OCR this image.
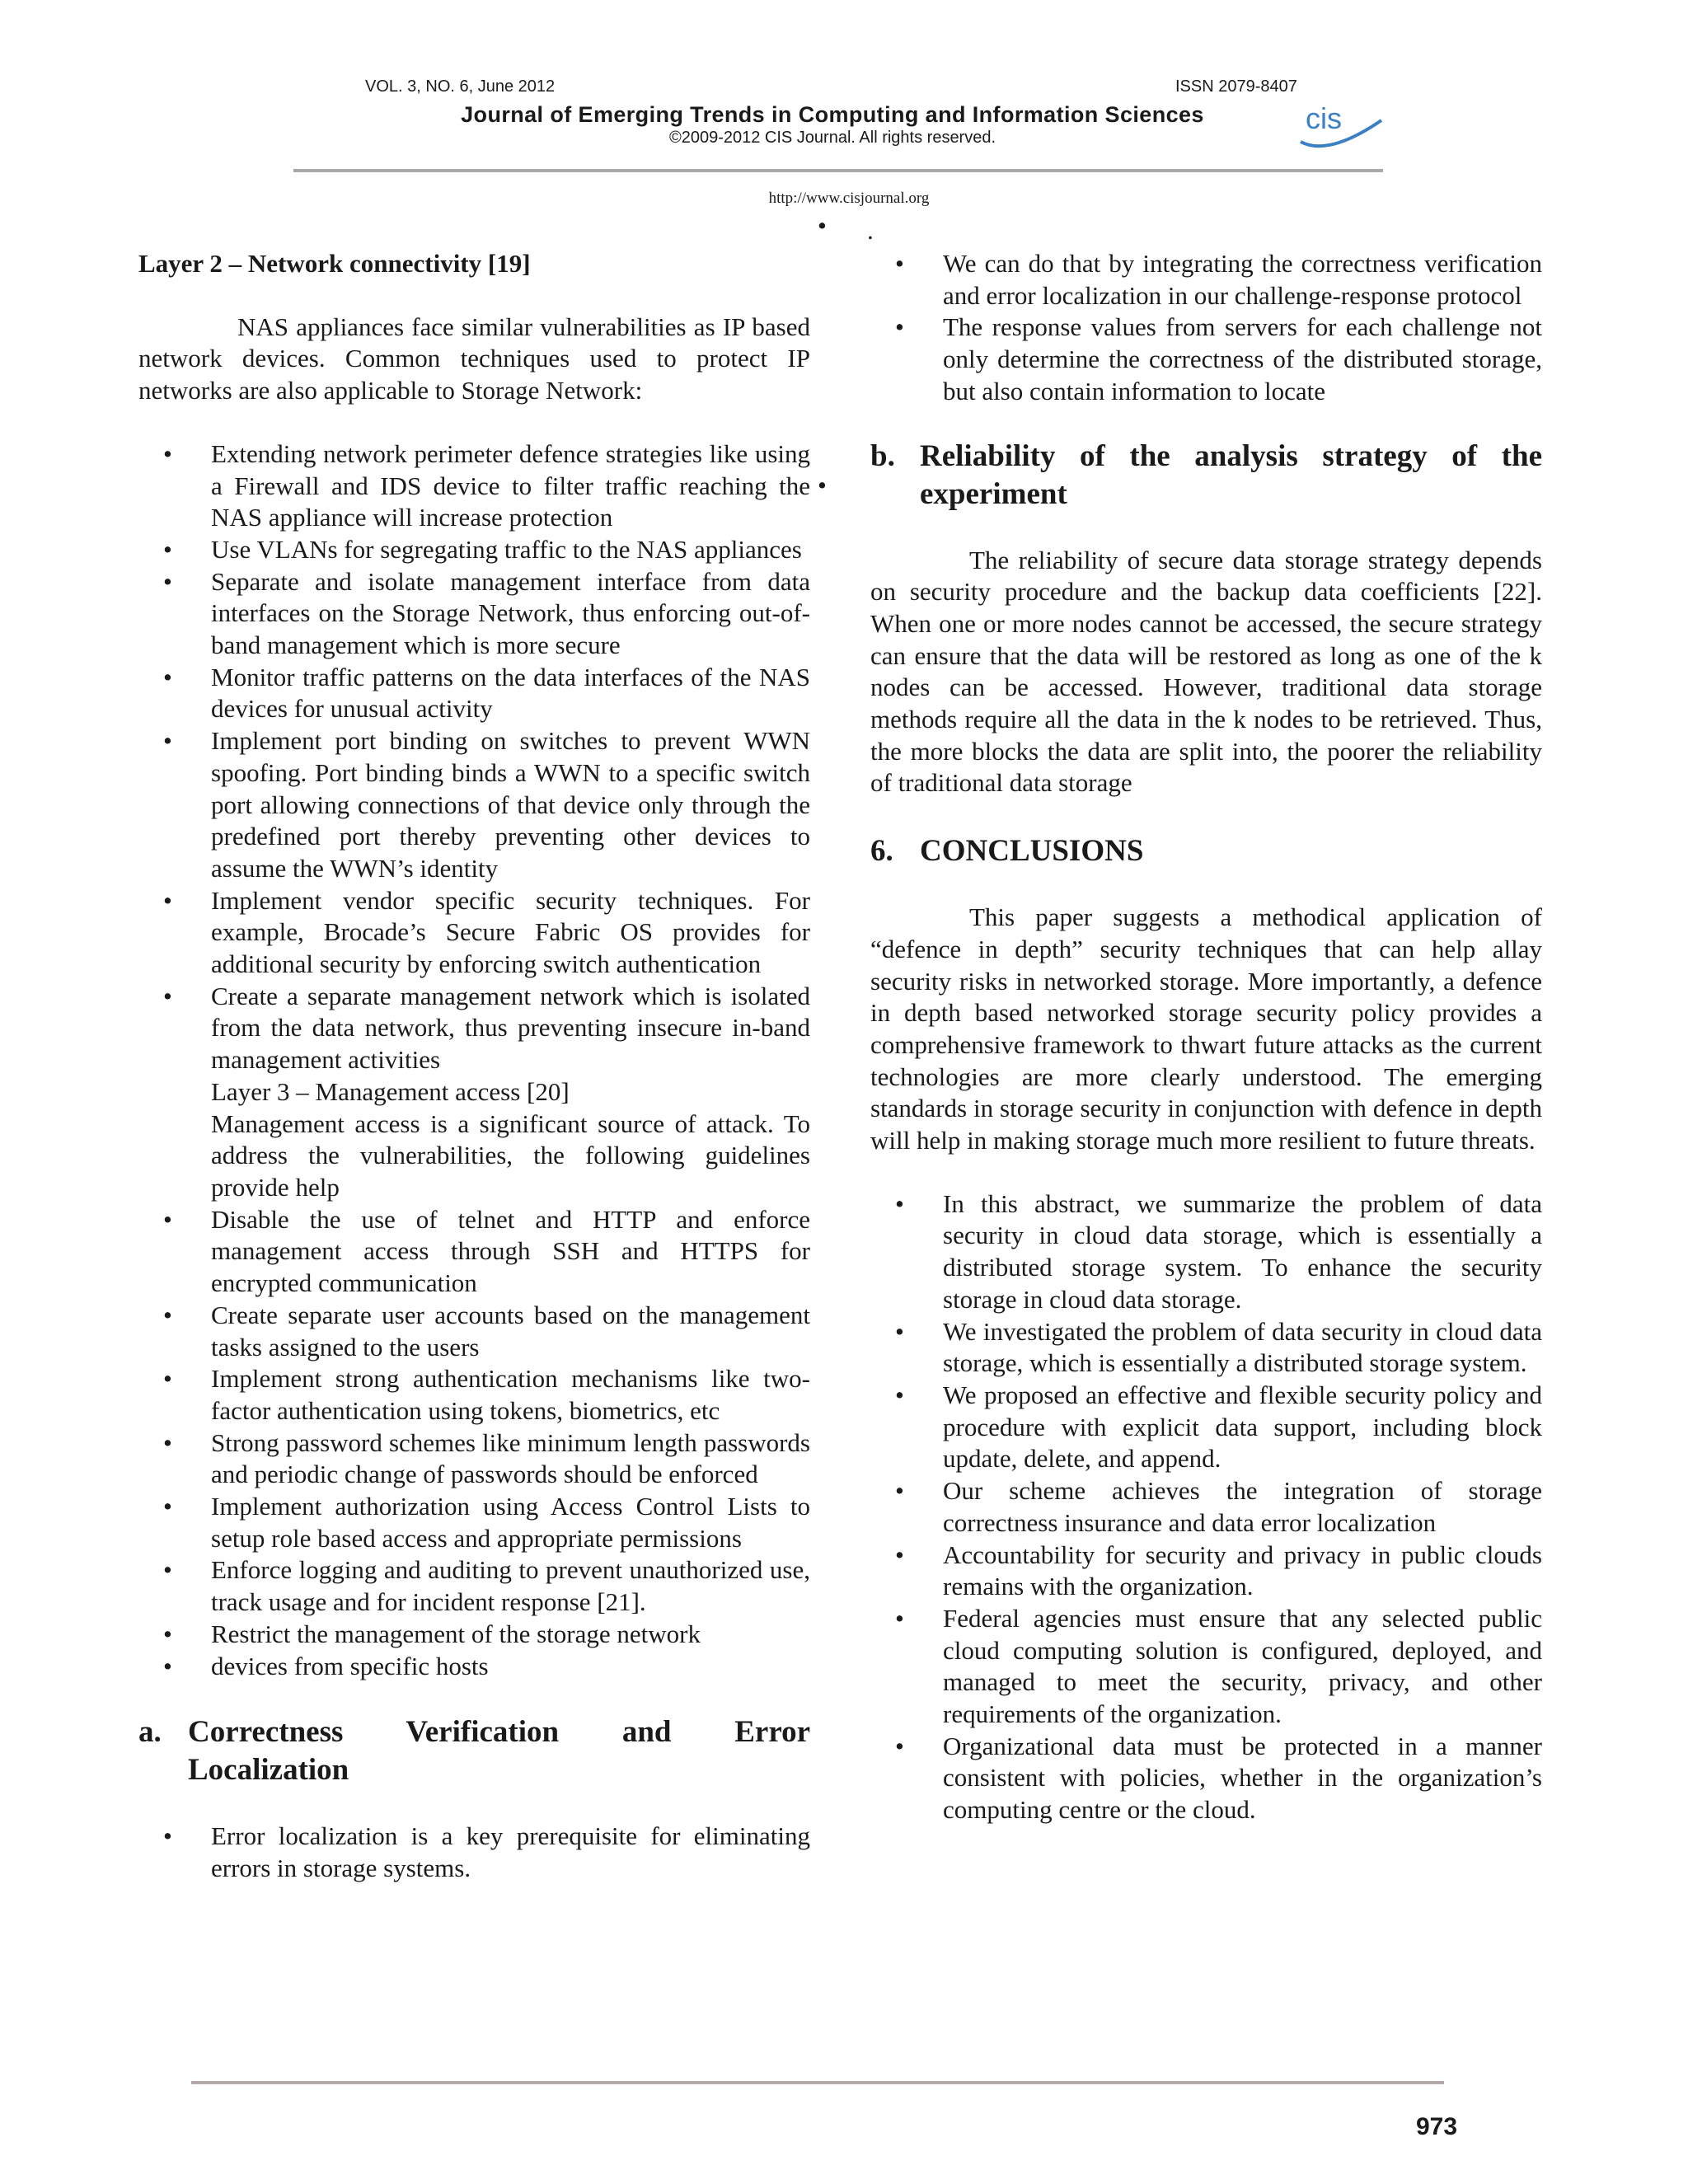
VOL. 3, NO. 6, June 2012	ISSN 2079-8407
Journal of Emerging Trends in Computing and Information Sciences
©2009-2012 CIS Journal. All rights reserved.
cis
http://www.cisjournal.org
• .
•

Layer 2 – Network connectivity [19]

NAS appliances face similar vulnerabilities as IP based network devices. Common techniques used to protect IP networks are also applicable to Storage Network:

• Extending network perimeter defence strategies like using a Firewall and IDS device to filter traffic reaching the NAS appliance will increase protection
• Use VLANs for segregating traffic to the NAS appliances
• Separate and isolate management interface from data interfaces on the Storage Network, thus enforcing out-of-band management which is more secure
• Monitor traffic patterns on the data interfaces of the NAS devices for unusual activity
• Implement port binding on switches to prevent WWN spoofing. Port binding binds a WWN to a specific switch port allowing connections of that device only through the predefined port thereby preventing other devices to assume the WWN’s identity
• Implement vendor specific security techniques. For example, Brocade’s Secure Fabric OS provides for additional security by enforcing switch authentication
• Create a separate management network which is isolated from the data network, thus preventing insecure in-band management activities
Layer 3 – Management access [20]
Management access is a significant source of attack. To address the vulnerabilities, the following guidelines provide help
• Disable the use of telnet and HTTP and enforce management access through SSH and HTTPS for encrypted communication
• Create separate user accounts based on the management tasks assigned to the users
• Implement strong authentication mechanisms like two-factor authentication using tokens, biometrics, etc
• Strong password schemes like minimum length passwords and periodic change of passwords should be enforced
• Implement authorization using Access Control Lists to setup role based access and appropriate permissions
• Enforce logging and auditing to prevent unauthorized use, track usage and for incident response [21].
• Restrict the management of the storage network
• devices from specific hosts
a. Correctness Verification and Error Localization
• Error localization is a key prerequisite for eliminating errors in storage systems.
• We can do that by integrating the correctness verification and error localization in our challenge-response protocol
• The response values from servers for each challenge not only determine the correctness of the distributed storage, but also contain information to locate
b. Reliability of the analysis strategy of the experiment

The reliability of secure data storage strategy depends on security procedure and the backup data coefficients [22]. When one or more nodes cannot be accessed, the secure strategy can ensure that the data will be restored as long as one of the k nodes can be accessed. However, traditional data storage methods require all the data in the k nodes to be retrieved. Thus, the more blocks the data are split into, the poorer the reliability of traditional data storage

6. CONCLUSIONS

This paper suggests a methodical application of “defence in depth” security techniques that can help allay security risks in networked storage. More importantly, a defence in depth based networked storage security policy provides a comprehensive framework to thwart future attacks as the current technologies are more clearly understood. The emerging standards in storage security in conjunction with defence in depth will help in making storage much more resilient to future threats.

• In this abstract, we summarize the problem of data security in cloud data storage, which is essentially a distributed storage system. To enhance the security storage in cloud data storage.
• We investigated the problem of data security in cloud data storage, which is essentially a distributed storage system.
• We proposed an effective and flexible security policy and procedure with explicit data support, including block update, delete, and append.
• Our scheme achieves the integration of storage correctness insurance and data error localization
• Accountability for security and privacy in public clouds remains with the organization.
• Federal agencies must ensure that any selected public cloud computing solution is configured, deployed, and managed to meet the security, privacy, and other requirements of the organization.
• Organizational data must be protected in a manner consistent with policies, whether in the organization’s computing centre or the cloud.
973
